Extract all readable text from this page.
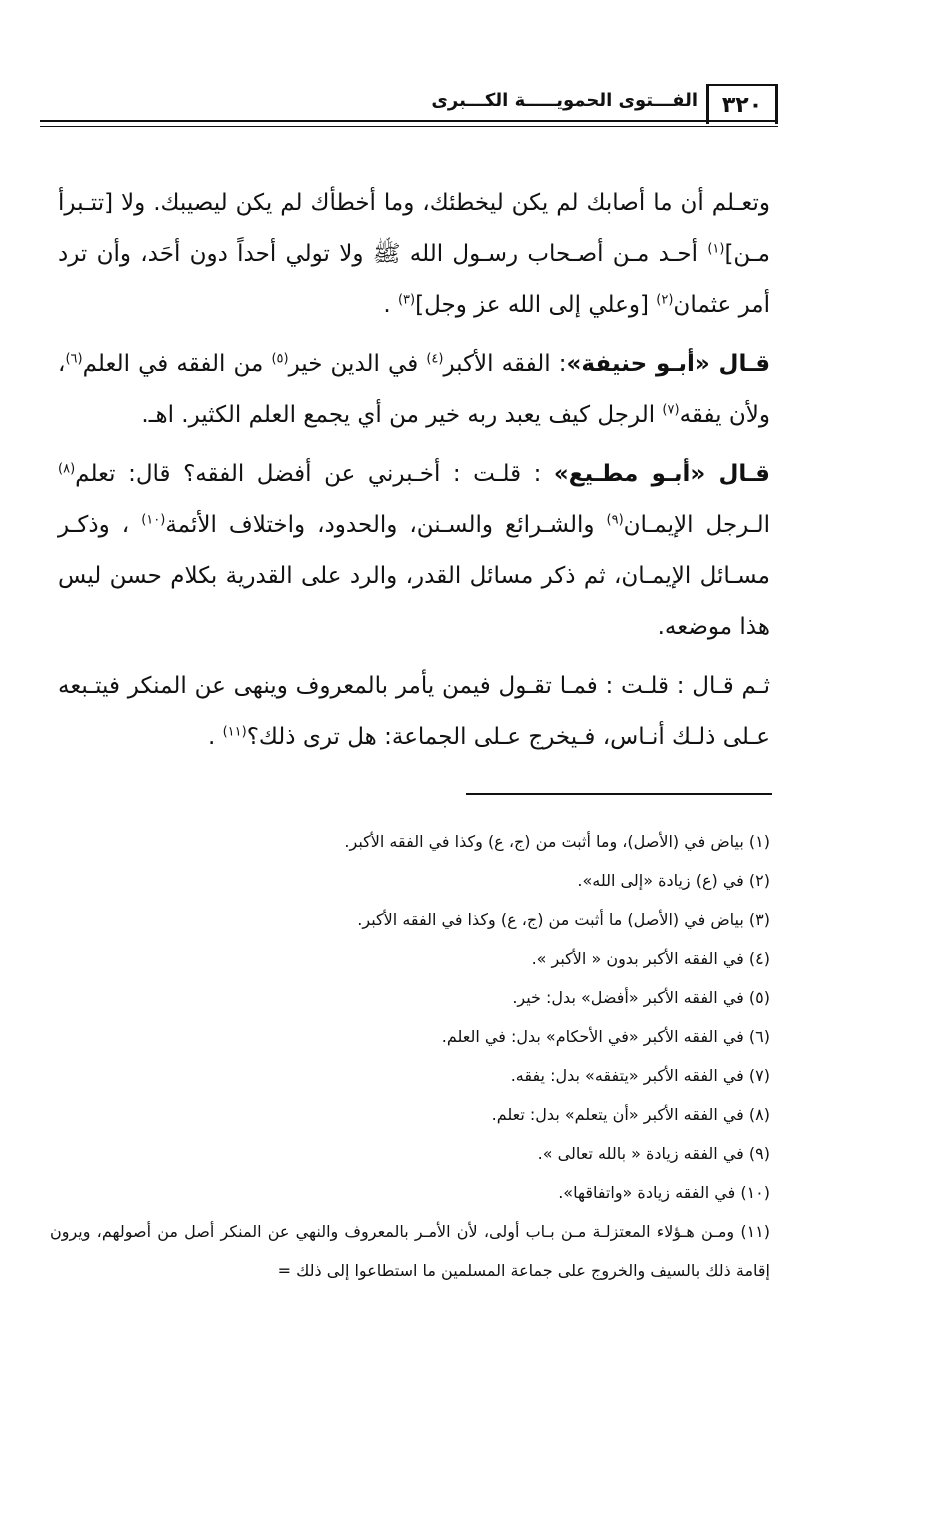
٣٢٠
الفـــتوى الحمويـــــة الكـــبرى

وتعـلم أن ما أصابك لم يكن ليخطئك، وما أخطأك لم يكن ليصيبك. ولا [تتـبرأ مـن]$^{(١)}$ أحـد مـن أصـحاب رسـول الله ﷺ ولا تولي أحداً دون أحَد، وأن ترد أمر عثمان$^{(٢)}$ [وعلي إلى الله عز وجل]$^{(٣)}$ .

قـال «أبـو حنيفة»: الفقه الأكبر$^{(٤)}$ في الدين خير$^{(٥)}$ من الفقه في العلم$^{(٦)}$، ولأن يفقه$^{(٧)}$ الرجل كيف يعبد ربه خير من أي يجمع العلم الكثير. اهـ.

قـال «أبـو مطـيع» : قلـت : أخـبرني عن أفضل الفقه؟ قال: تعلم$^{(٨)}$ الـرجل الإيمـان$^{(٩)}$ والشـرائع والسـنن، والحدود، واختلاف الأئمة$^{(١٠)}$ ، وذكـر مسـائل الإيمـان، ثم ذكر مسائل القدر، والرد على القدرية بكلام حسن ليس هذا موضعه.

ثـم قـال : قلـت : فمـا تقـول فيمن يأمر بالمعروف وينهى عن المنكر فيتـبعه عـلى ذلـك أنـاس، فـيخرج عـلى الجماعة: هل ترى ذلك؟$^{(١١)}$ .

(١) بياض في (الأصل)، وما أثبت من (ج، ع) وكذا في الفقه الأكبر.

(٢) في (ع) زيادة «إلى الله».

(٣) بياض في (الأصل) ما أثبت من (ج، ع) وكذا في الفقه الأكبر.

(٤) في الفقه الأكبر بدون « الأكبر ».

(٥) في الفقه الأكبر «أفضل» بدل: خير.

(٦) في الفقه الأكبر «في الأحكام» بدل: في العلم.

(٧) في الفقه الأكبر «يتفقه» بدل: يفقه.

(٨) في الفقه الأكبر «أن يتعلم» بدل: تعلم.

(٩) في الفقه زيادة « بالله تعالى ».

(١٠) في الفقه زيادة «واتفاقها».

(١١) ومـن هـؤلاء المعتزلـة مـن بـاب أولى، لأن الأمـر بالمعروف والنهي عن المنكر أصل من أصولهم، ويرون إقامة ذلك بالسيف والخروج على جماعة المسلمين ما استطاعوا إلى ذلك =
